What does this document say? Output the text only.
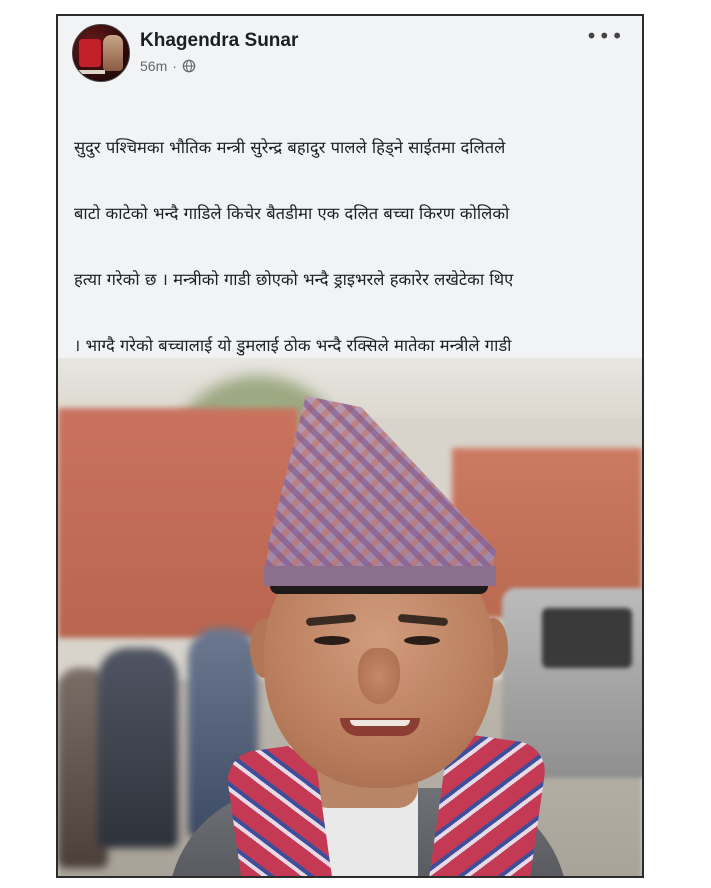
Khagendra Sunar
56m ·
•••

सुदुर पश्चिमका भौतिक मन्त्री सुरेन्द्र बहादुर पालले हिड्ने साईतमा दलितले

बाटो काटेको भन्दै गाडिले किचेर बैतडीमा एक दलित बच्चा किरण कोलिको

हत्या गरेको छ । मन्त्रीको गाडी छोएको भन्दै ड्राइभरले हकारेर लखेटेका थिए

। भाग्दै गरेको बच्चालाई यो डुमलाई ठोक भन्दै रक्सिले मातेका मन्त्रीले गाडी
